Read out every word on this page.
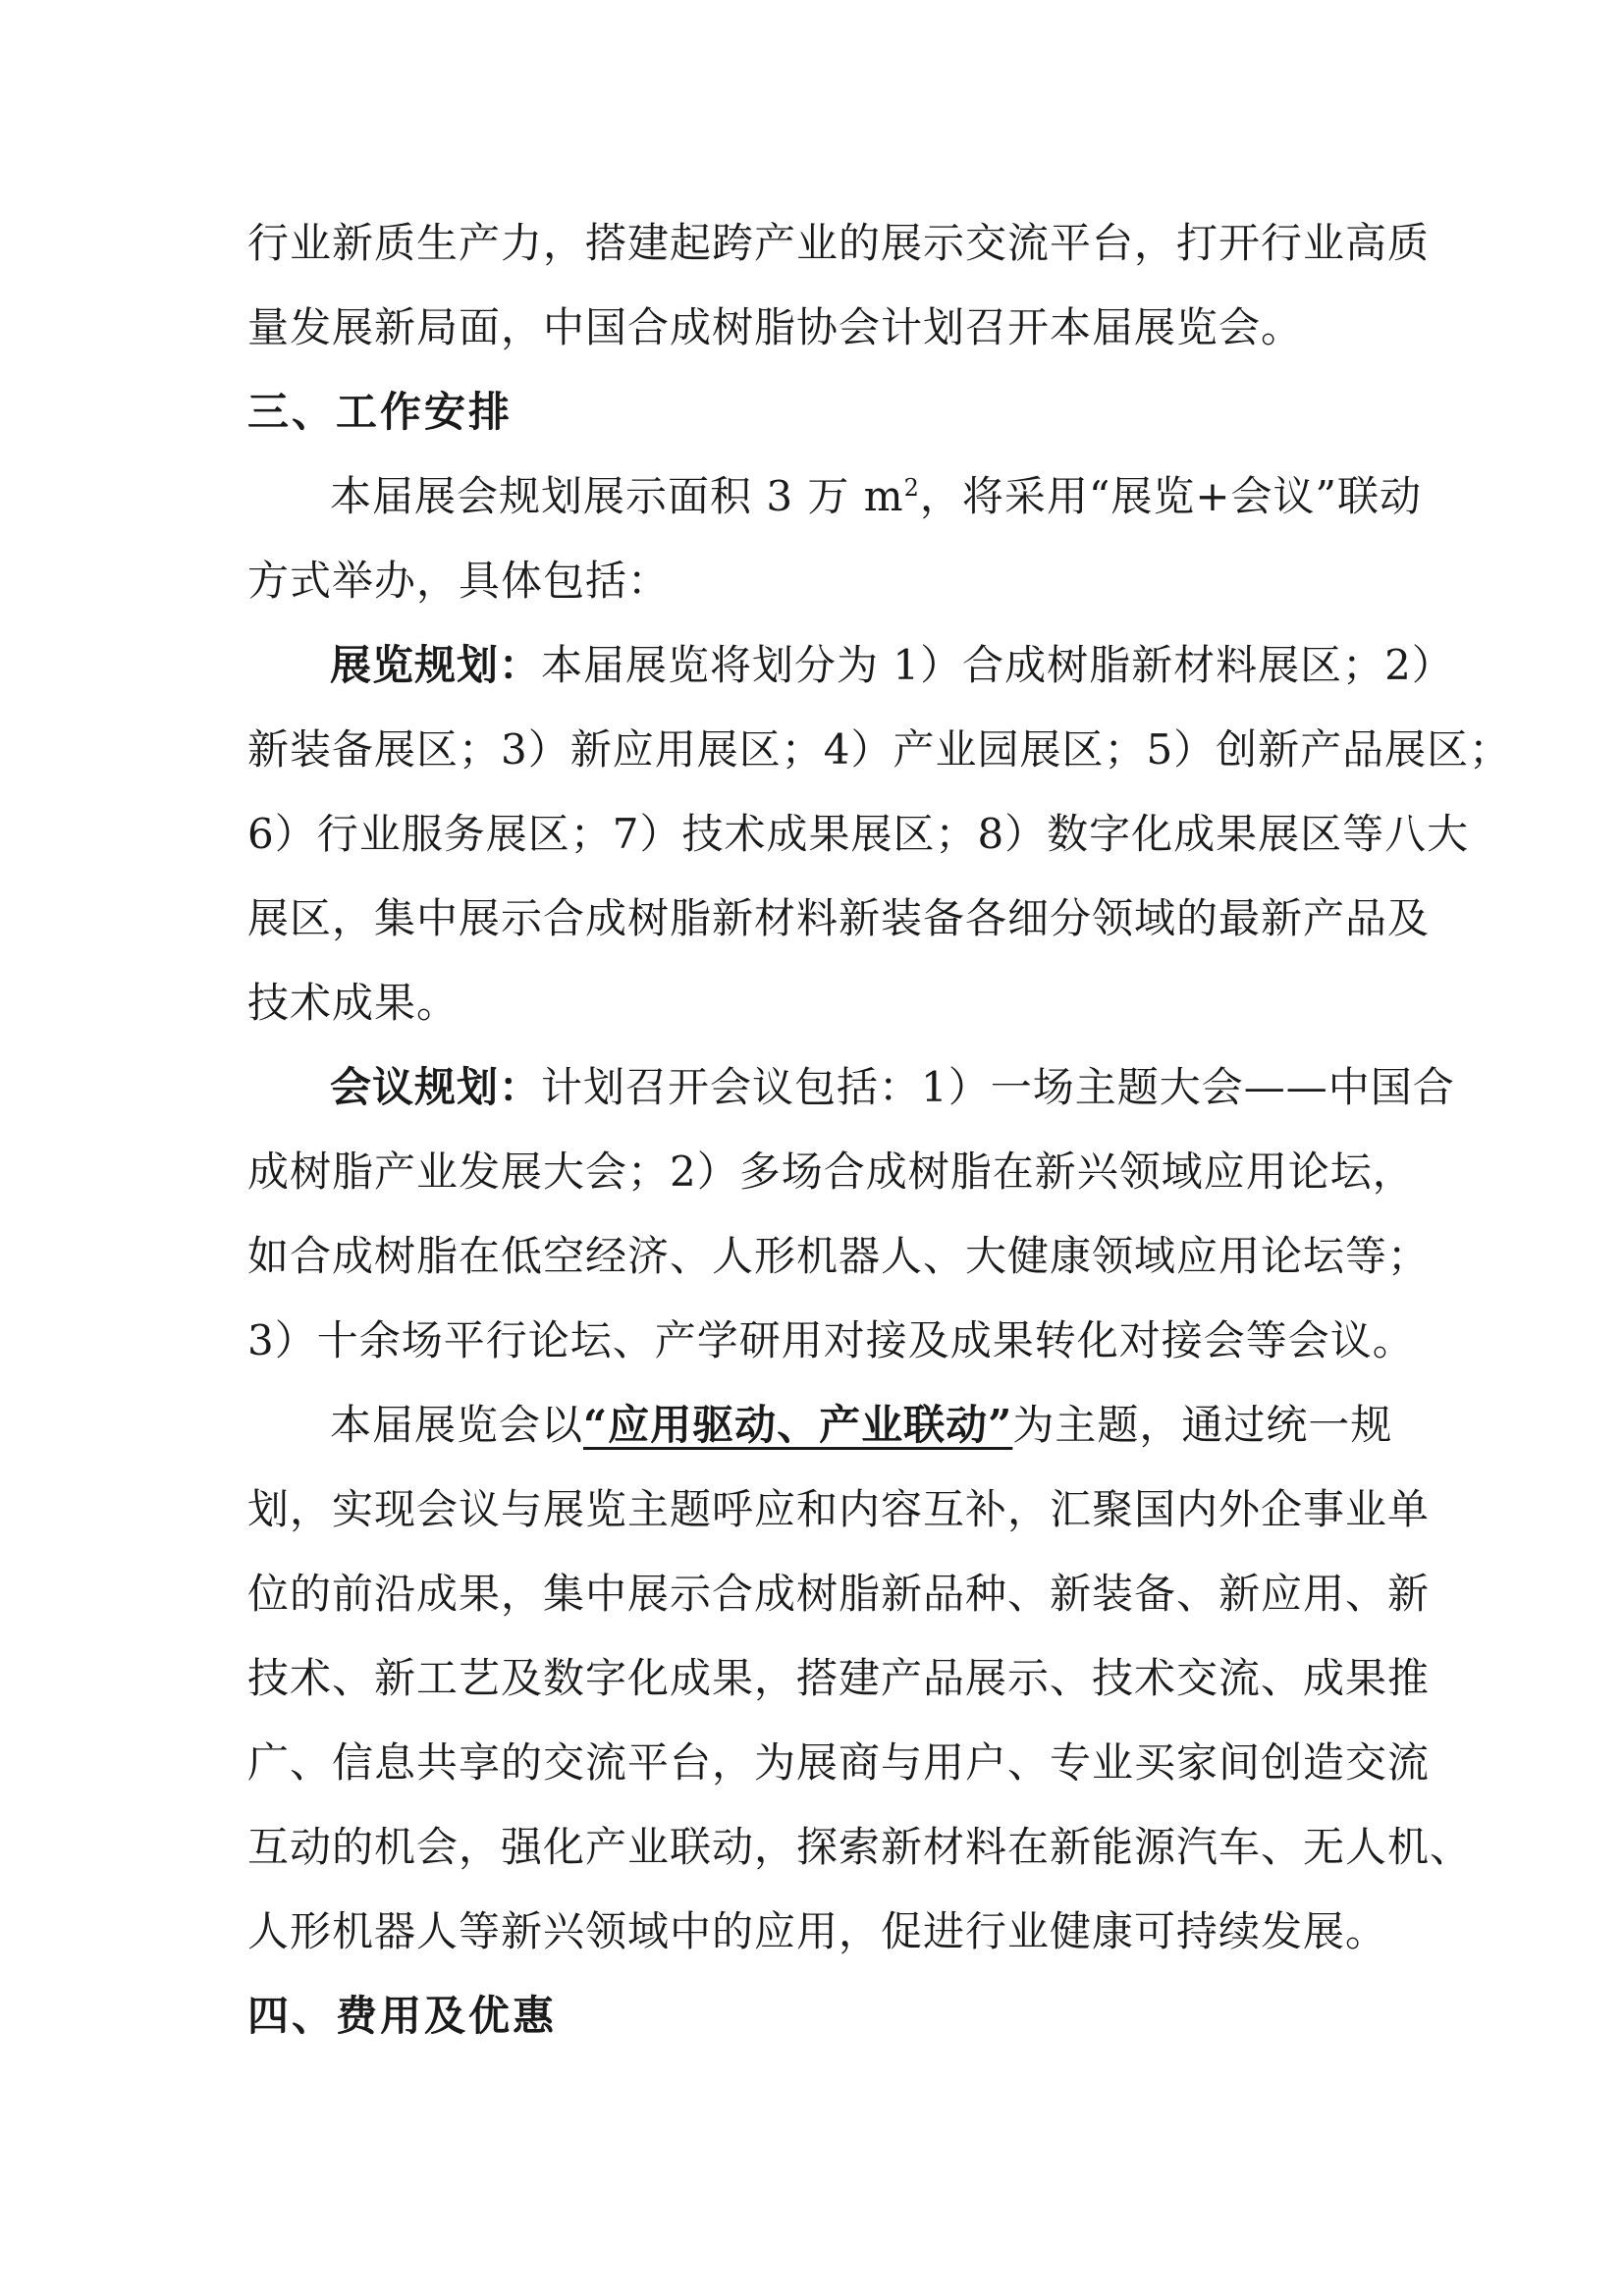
行业新质生产力，搭建起跨产业的展示交流平台，打开行业高质
量发展新局面，中国合成树脂协会计划召开本届展览会。
三、工作安排
本届展会规划展示面积 3 万 $m^2$，将采用“展览+会议”联动
方式举办，具体包括：
展览规划：本届展览将划分为 1）合成树脂新材料展区；2）
新装备展区；3）新应用展区；4）产业园展区；5）创新产品展区；
6）行业服务展区；7）技术成果展区；8）数字化成果展区等八大
展区，集中展示合成树脂新材料新装备各细分领域的最新产品及
技术成果。
会议规划：计划召开会议包括：1）一场主题大会——中国合
成树脂产业发展大会；2）多场合成树脂在新兴领域应用论坛，
如合成树脂在低空经济、人形机器人、大健康领域应用论坛等；
3）十余场平行论坛、产学研用对接及成果转化对接会等会议。
本届展览会以“应用驱动、产业联动”为主题，通过统一规
划，实现会议与展览主题呼应和内容互补，汇聚国内外企事业单
位的前沿成果，集中展示合成树脂新品种、新装备、新应用、新
技术、新工艺及数字化成果，搭建产品展示、技术交流、成果推
广、信息共享的交流平台，为展商与用户、专业买家间创造交流
互动的机会，强化产业联动，探索新材料在新能源汽车、无人机、
人形机器人等新兴领域中的应用，促进行业健康可持续发展。
四、费用及优惠
